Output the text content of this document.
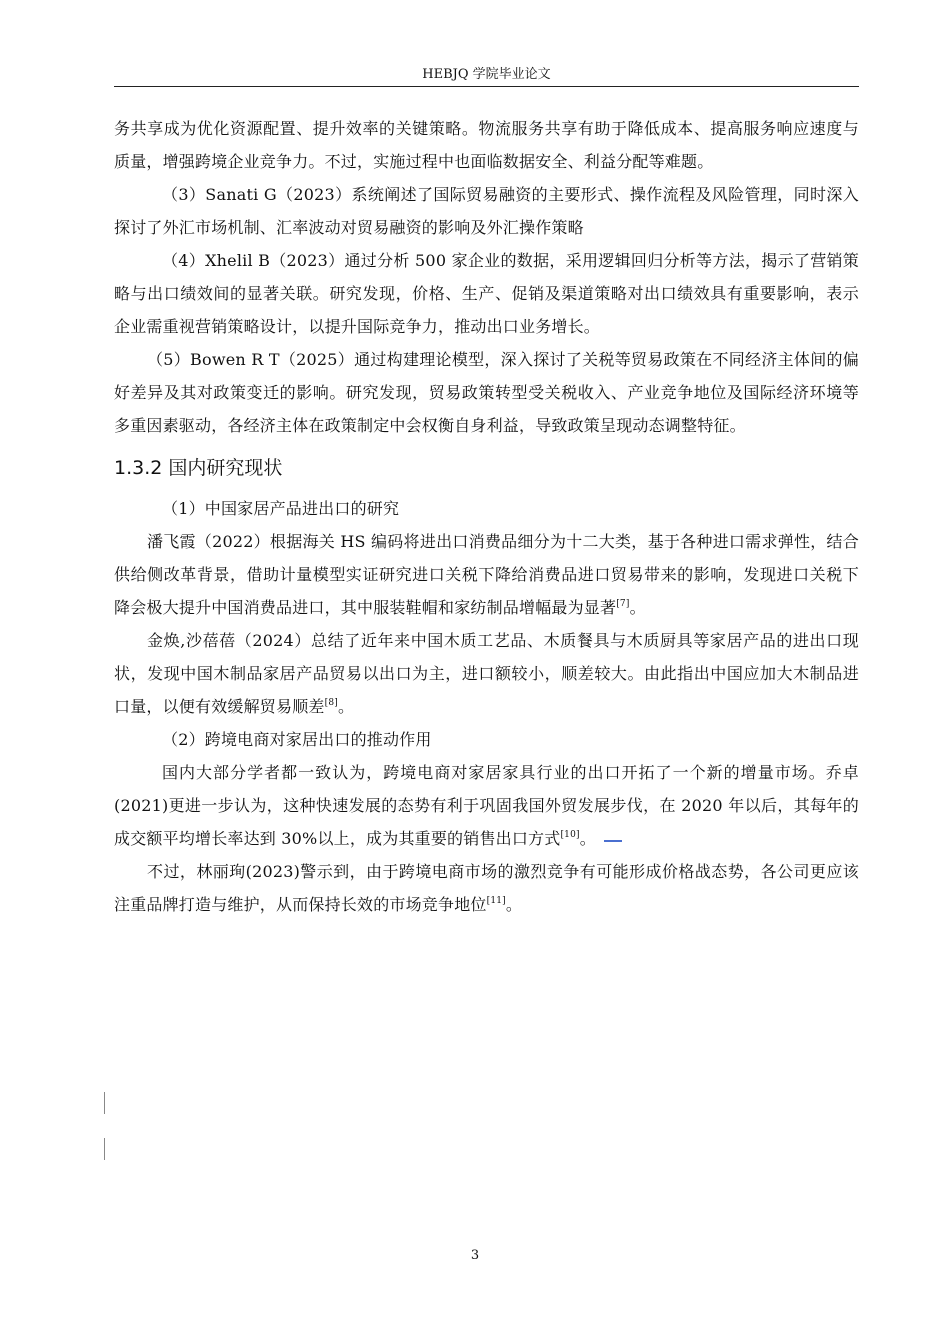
HEBJQ 学院毕业论文

务共享成为优化资源配置、提升效率的关键策略。物流服务共享有助于降低成本、提高服务响应速度与质量，增强跨境企业竞争力。不过，实施过程中也面临数据安全、利益分配等难题。

（3）Sanati G（2023）系统阐述了国际贸易融资的主要形式、操作流程及风险管理，同时深入探讨了外汇市场机制、汇率波动对贸易融资的影响及外汇操作策略

（4）Xhelil B（2023）通过分析 500 家企业的数据，采用逻辑回归分析等方法，揭示了营销策略与出口绩效间的显著关联。研究发现，价格、生产、促销及渠道策略对出口绩效具有重要影响，表示企业需重视营销策略设计，以提升国际竞争力，推动出口业务增长。

（5）Bowen R T（2025）通过构建理论模型，深入探讨了关税等贸易政策在不同经济主体间的偏好差异及其对政策变迁的影响。研究发现，贸易政策转型受关税收入、产业竞争地位及国际经济环境等多重因素驱动，各经济主体在政策制定中会权衡自身利益，导致政策呈现动态调整特征。

1.3.2 国内研究现状

（1）中国家居产品进出口的研究

潘飞霞（2022）根据海关 HS 编码将进出口消费品细分为十二大类，基于各种进口需求弹性，结合供给侧改革背景，借助计量模型实证研究进口关税下降给消费品进口贸易带来的影响，发现进口关税下降会极大提升中国消费品进口，其中服装鞋帽和家纺制品增幅最为显著[7]。

金焕,沙蓓蓓（2024）总结了近年来中国木质工艺品、木质餐具与木质厨具等家居产品的进出口现状，发现中国木制品家居产品贸易以出口为主，进口额较小，顺差较大。由此指出中国应加大木制品进口量，以便有效缓解贸易顺差[8]。

（2）跨境电商对家居出口的推动作用

国内大部分学者都一致认为，跨境电商对家居家具行业的出口开拓了一个新的增量市场。乔卓(2021)更进一步认为，这种快速发展的态势有利于巩固我国外贸发展步伐，在 2020 年以后，其每年的成交额平均增长率达到 30%以上，成为其重要的销售出口方式[10]。

不过，林丽珣(2023)警示到，由于跨境电商市场的激烈竞争有可能形成价格战态势，各公司更应该注重品牌打造与维护，从而保持长效的市场竞争地位[11]。

3
